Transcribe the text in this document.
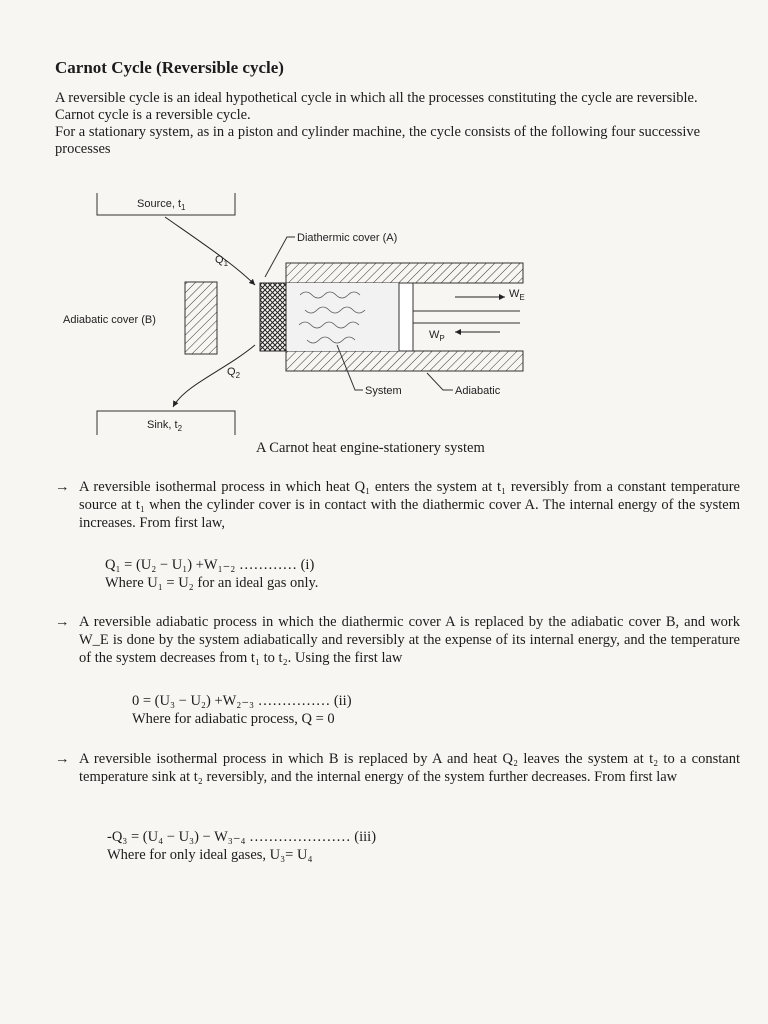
Carnot Cycle (Reversible cycle)

A reversible cycle is an ideal hypothetical cycle in which all the processes constituting the cycle are reversible. Carnot cycle is a reversible cycle.

For a stationary system, as in a piston and cylinder machine, the cycle consists of the following four successive processes

Source, $t_1$
Sink, $t_2$
$Q_1$
$Q_2$
Adiabatic cover (B)
Diathermic cover (A)
$W_E$
$W_P$
System	Adiabatic
A Carnot heat engine-stationery system
→ A reversible isothermal process in which heat Q₁ enters the system at t₁ reversibly from a constant temperature source at t₁ when the cylinder cover is in contact with the diathermic cover A. The internal energy of the system increases. From first law,
Q₁ = (U₂ − U₁) +W₁₋₂ ………… (i)
Where U₁ = U₂ for an ideal gas only.
→ A reversible adiabatic process in which the diathermic cover A is replaced by the adiabatic cover B, and work W_E is done by the system adiabatically and reversibly at the expense of its internal energy, and the temperature of the system decreases from t₁ to t₂. Using the first law
0 = (U₃ − U₂) +W₂₋₃ …………… (ii)
Where for adiabatic process, Q = 0
→ A reversible isothermal process in which B is replaced by A and heat Q₂ leaves the system at t₂ to a constant temperature sink at t₂ reversibly, and the internal energy of the system further decreases. From first law
-Q₃ = (U₄ − U₃) − W₃₋₄ ………………… (iii)
Where for only ideal gases, U₃= U₄
